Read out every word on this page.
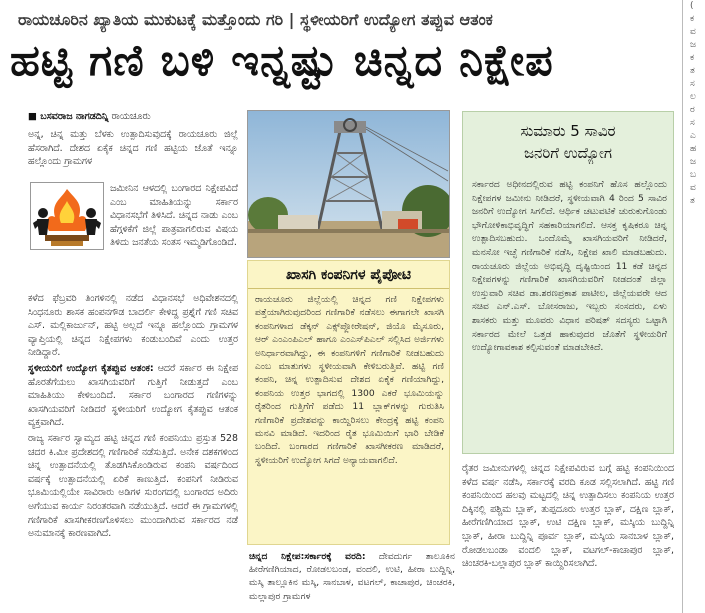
ರಾಯಚೂರಿನ ಖ್ಯಾತಿಯ ಮುಕುಟಕ್ಕೆ ಮತ್ತೊಂದು ಗರಿ | ಸ್ಥಳೀಯರಿಗೆ ಉದ್ಯೋಗ ತಪ್ಪುವ ಆತಂಕ
ಹಟ್ಟಿ ಗಣಿ ಬಳಿ ಇನ್ನಷ್ಟು ಚಿನ್ನದ ನಿಕ್ಷೇಪ
(
ಕ
ವ
ಜ
ಕ
ತ
ಸ
ಲ
ರ
ಸ
ಎ
ಹ
ಜ
ಬ
ವ
ತ
■ ಬಸವರಾಜ ನಾಗಡದಿನ್ನಿ ರಾಯಚೂರು

ಅನ್ನ, ಚಿನ್ನ ಮತ್ತು ಬೆಳಕು ಉತ್ಪಾದಿಸುವುದಕ್ಕೆ ರಾಯಚೂರು ಜಿಲ್ಲೆ ಹೆಸರಾಗಿದೆ. ದೇಶದ ಏಕೈಕ ಚಿನ್ನದ ಗಣಿ ಹಟ್ಟಿಯ ಜೊತೆ ಇನ್ನೂ ಹಲ್ಲೊಂದು ಗ್ರಾಮಗಳ

ಜಮೀನಿನ ಆಳದಲ್ಲಿ ಬಂಗಾರದ ನಿಕ್ಷೇಪವಿದೆ ಎಂಬ ಮಾಹಿತಿಯನ್ನು ಸರ್ಕಾರ ವಿಧಾನಸಭೆಗೆ ತಿಳಿಸಿದೆ. ಚಿನ್ನದ ನಾಡು ಎಂಬ ಹೆಗ್ಗಳಿಕೆಗೆ ಜಿಲ್ಲೆ ಪಾತ್ರವಾಗಲಿರುವ ವಿಷಯ ತಿಳಿದು ಜನತೆಯ ಸಂತಸ ಇಮ್ಮಡಿಗೊಂಡಿದೆ.

ಕಳೆದ ಫೆಬ್ರವರಿ ತಿಂಗಳಿನಲ್ಲಿ ನಡೆದ ವಿಧಾನಸಭೆ ಅಧಿವೇಶನದಲ್ಲಿ ಸಿಂಧನೂರು ಶಾಸಕ ಹಂಪನಗೌಡ ಬಾದರ್ಲಿ ಕೇಳಿದ್ದ ಪ್ರಶ್ನೆಗೆ ಗಣಿ ಸಚಿವ ಎಸ್. ಮಲ್ಲಿಕಾರ್ಜುನ್, ಹಟ್ಟಿ ಅಲ್ಲದೆ ಇನ್ನೂ ಹಲ್ಲೊಂದು ಗ್ರಾಮಗಳ ವ್ಯಾಪ್ತಿಯಲ್ಲಿ ಚಿನ್ನದ ನಿಕ್ಷೇಪಗಳು ಕಂಡುಬಂದಿವೆ ಎಂದು ಉತ್ತರ ನೀಡಿದ್ದಾರೆ.

ಸ್ಥಳೀಯರಿಗೆ ಉದ್ಯೋಗ ಕೈತಪ್ಪುವ ಆತಂಕ: ಆದರೆ ಸರ್ಕಾರ ಈ ನಿಕ್ಷೇಪ ಹೊರತೆಗೆಯಲು ಖಾಸಗಿಯವರಿಗೆ ಗುತ್ತಿಗೆ ನೀಡುತ್ತದೆ ಎಂಬ ಮಾಹಿತಿಯು ಕೇಳಿಬಂದಿದೆ. ಸರ್ಕಾರ ಬಂಗಾರದ ಗಣಿಗಳನ್ನು ಖಾಸಗಿಯವರಿಗೆ ನೀಡಿದರೆ ಸ್ಥಳೀಯರಿಗೆ ಉದ್ಯೋಗ ಕೈತಪ್ಪುವ ಆತಂಕ ವ್ಯಕ್ತವಾಗಿದೆ.

ರಾಜ್ಯ ಸರ್ಕಾರ ಸ್ವಾಮ್ಯದ ಹಟ್ಟಿ ಚಿನ್ನದ ಗಣಿ ಕಂಪನಿಯು ಪ್ರಸ್ತುತ 528 ಚದರ ಕಿ.ಮೀ ಪ್ರದೇಶದಲ್ಲಿ ಗಣಿಗಾರಿಕೆ ನಡೆಸುತ್ತಿದೆ. ಅನೇಕ ದಶಕಗಳಿಂದ ಚಿನ್ನ ಉತ್ಪಾದನೆಯಲ್ಲಿ ತೊಡಗಿಸಿಕೊಂಡಿರುವ ಕಂಪನಿ ವರ್ಷದಿಂದ ವರ್ಷಕ್ಕೆ ಉತ್ಪಾದನೆಯಲ್ಲಿ ಏರಿಕೆ ಕಾಣುತ್ತಿದೆ. ಕಂಪನಿಗೆ ನೀಡಿರುವ ಭೂಮಿಯಲ್ಲಿಯೇ ಸಾವಿರಾರು ಅಡಿಗಳ ಸುರಂಗದಲ್ಲಿ ಬಂಗಾರದ ಅದಿರು ಅಗೆಯುವ ಕಾರ್ಯ ನಿರಂತರವಾಗಿ ನಡೆಯುತ್ತಿದೆ. ಆದರೆ ಈ ಗ್ರಾಮಗಳಲ್ಲಿ ಗಣಿಗಾರಿಕೆ ಖಾಸಗೀಕರಣಗೊಳಿಸಲು ಮುಂದಾಗಿರುವ ಸರ್ಕಾರದ ನಡೆ ಅನುಮಾನಕ್ಕೆ ಕಾರಣವಾಗಿದೆ.

ಖಾಸಗಿ ಕಂಪನಿಗಳ ಪೈಪೋಟಿ
ರಾಯಚೂರು ಜಿಲ್ಲೆಯಲ್ಲಿ ಚಿನ್ನದ ಗಣಿ ನಿಕ್ಷೇಪಗಳು ಪತ್ತೆಯಾಗಿರುವುದರಿಂದ ಗಣಿಗಾರಿಕೆ ನಡೆಸಲು ಈಗಾಗಲೇ ಖಾಸಗಿ ಕಂಪನಿಗಳಾದ ಡೆಕ್ಕನ್ ಎಕ್ಸ್‌ಪ್ಲೋರೇಷನ್, ಜಿಯೊ ಮೈಸೂರು, ಆರ್ ಎಂಎಂಪಿಎಲ್ ಹಾಗೂ ಎಂಎಸ್‌ಪಿಎಲ್ ಸಲ್ಲಿಸಿದ ಅರ್ಜಿಗಳು ಅನಿರ್ಧಾರವಾಗಿದ್ದು, ಈ ಕಂಪನಿಗಳಿಗೆ ಗಣಿಗಾರಿಕೆ ನೀಡಬಹುದು ಎಂಬ ಮಾತುಗಳು ಸ್ಥಳೀಯವಾಗಿ ಕೇಳಿಬರುತ್ತಿವೆ. ಹಟ್ಟಿ ಗಣಿ ಕಂಪನಿ, ಚಿನ್ನ ಉತ್ಪಾದಿಸುವ ದೇಶದ ಏಕೈಕ ಗಣಿಯಾಗಿದ್ದು, ಕಂಪನಿಯ ಉತ್ತರ ಭಾಗದಲ್ಲಿ 1300 ಎಕರೆ ಭೂಮಿಯನ್ನು ರೈತರಿಂದ ಗುತ್ತಿಗೆಗೆ ಪಡೆದು 11 ಬ್ಲಾಕ್‌ಗಳನ್ನು ಗುರುತಿಸಿ ಗಣಿಗಾರಿಕೆ ಪ್ರದೇಶವನ್ನು ಕಾಯ್ದಿರಿಸಲು ಕೇಂದ್ರಕ್ಕೆ ಹಟ್ಟಿ ಕಂಪನಿ ಮನವಿ ಮಾಡಿದೆ. ಇದರಿಂದ ರೈತ ಭೂಮಿಯಿಗೆ ಭಾರಿ ಬೇಡಿಕೆ ಬಂದಿದೆ. ಬಂಗಾರದ ಗಣಿಗಾರಿಕೆ ಖಾಸಗೀಕರಣ ಮಾಡಿದರೆ, ಸ್ಥಳೀಯರಿಗೆ ಉದ್ಯೋಗ ಸಿಗದೆ ಅನ್ಯಾಯವಾಗಲಿದೆ.
ಚಿನ್ನದ ನಿಕ್ಷೇಪ:ಸರ್ಕಾರಕ್ಕೆ ವರದಿ: ದೇವದುರ್ಗ ತಾಲೂಕಿನ ಹೀರೆಗಣಿಗಿಯಾದ, ರೋಡಲಬಂಡ, ವಂದಲಿ, ಉಟಿ, ಹೀರಾ ಬುದ್ದಿನ್ನಿ, ಮಸ್ಕಿ ತಾಲ್ಲೂಕಿನ ಮಸ್ಕಿ, ಸಾನಬಾಳ, ವಟಗಲ್, ಕಾಚಾಪುರ, ಚಿಂಚರಕಿ, ಮಲ್ಲಾಪುರ ಗ್ರಾಮಗಳ
ಸುಮಾರು 5 ಸಾವಿರ
ಜನರಿಗೆ ಉದ್ಯೋಗ
ಸರ್ಕಾರದ ಅಧೀನದಲ್ಲಿರುವ ಹಟ್ಟಿ ಕಂಪನಿಗೆ ಹೊಸ ಹಲ್ಲೊಂದು ನಿಕ್ಷೇಪಗಳ ಜಮೀನು ನೀಡಿದರೆ, ಸ್ಥಳೀಯವಾಗಿ 4 ರಿಂದ 5 ಸಾವಿರ ಜನರಿಗೆ ಉದ್ಯೋಗ ಸಿಗಲಿದೆ. ಆರ್ಥಿಕ ಚಟುವಟಿಕೆ ಚುರುಕುಗೊಂಡು ಭೌಗೋಳಿಕಾಭಿವೃದ್ಧಿಗೆ ಸಹಕಾರಿಯಾಗಲಿದೆ. ಆಸಕ್ತ ಕೃಷಿಕರೂ ಚಿನ್ನ ಉತ್ಪಾದಿಸಬಹುದು. ಒಂದೊಮ್ಮೆ ಖಾಸಗಿಯವರಿಗೆ ನೀಡಿದರೆ, ಮನಸೋ ಇಚ್ಛೆ ಗಣಿಗಾರಿಕೆ ನಡೆಸಿ, ನಿಕ್ಷೇಪ ಖಾಲಿ ಮಾಡಬಹುದು. ರಾಯಚೂರು ಜಿಲ್ಲೆಯ ಅಭಿವೃದ್ಧಿ ದೃಷ್ಟಿಯಿಂದ 11 ಕಡೆ ಚಿನ್ನದ ನಿಕ್ಷೇಪಗಳನ್ನು ಗಣಿಗಾರಿಕೆ ಖಾಸಗಿಯವರಿಗೆ ನೀಡದಂತೆ ಜಿಲ್ಲಾ ಉಸ್ತುವಾರಿ ಸಚಿವ ಡಾ.ಶರಣಪ್ರಕಾಶ ಪಾಟೀಲ, ಜಿಲ್ಲೆಯವರೇ ಆದ ಸಚಿವ ಎನ್.ಎಸ್. ಬೋಸರಾಜು, ಇಬ್ಬರು ಸಂಸದರು, ಏಳು ಶಾಸಕರು ಮತ್ತು ಮೂವರು ವಿಧಾನ ಪರಿಷತ್ ಸದಸ್ಯರು ಒಟ್ಟಾಗಿ ಸರ್ಕಾರದ ಮೇಲೆ ಒತ್ತಡ ಹಾಕುವುದರ ಜೊತೆಗೆ ಸ್ಥಳೀಯರಿಗೆ ಉದ್ಯೋಗಾವಕಾಶ ಕಲ್ಪಿಸುವಂತೆ ಮಾಡಬೇಕಿದೆ.

ರೈತರ ಜಮೀನುಗಳಲ್ಲಿ ಚಿನ್ನದ ನಿಕ್ಷೇಪವಿರುವ ಬಗ್ಗೆ ಹಟ್ಟಿ ಕಂಪನಿಯಿಂದ ಕಳೆದ ವರ್ಷ ನಡೆಸಿ, ಸರ್ಕಾರಕ್ಕೆ ವರದಿ ಕೂಡ ಸಲ್ಲಿಸಲಾಗಿದೆ. ಹಟ್ಟಿ ಗಣಿ ಕಂಪನಿಯಿಂದ ಹಲವು ಮಟ್ಟದಲ್ಲಿ ಚಿನ್ನ ಉತ್ಪಾದಿಸಲು ಕಂಪನಿಯ ಉತ್ತರ ದಿಕ್ಕಿನಲ್ಲಿ ಪಶ್ಚಿಮ ಬ್ಲಾಕ್, ತುಪ್ಪದೂರು ಉತ್ತರ ಬ್ಲಾಕ್, ದಕ್ಷಿಣ ಬ್ಲಾಕ್, ಹೀರೆಗಣಿಗಿಯಾದ ಬ್ಲಾಕ್, ಉಟಿ ದಕ್ಷಿಣ ಬ್ಲಾಕ್, ಮಸ್ಕಿಯ ಬುದ್ದಿನ್ನಿ ಬ್ಲಾಕ್, ಹೀರಾ ಬುದ್ದಿನ್ನಿ ಪೂರ್ವ ಬ್ಲಾಕ್, ಮಸ್ಕಿಯ ಸಾನಬಾಳ ಬ್ಲಾಕ್, ರೋಡಲಬಂಡಾ ವಂದಲಿ ಬ್ಲಾಕ್, ವಟಗಲ್-ಕಾಚಾಪುರ ಬ್ಲಾಕ್, ಚಿಂಚರಕಿ-ಬಲ್ಲಾಪುರ ಬ್ಲಾಕ್ ಕಾಯ್ದಿರಿಸಲಾಗಿದೆ.
